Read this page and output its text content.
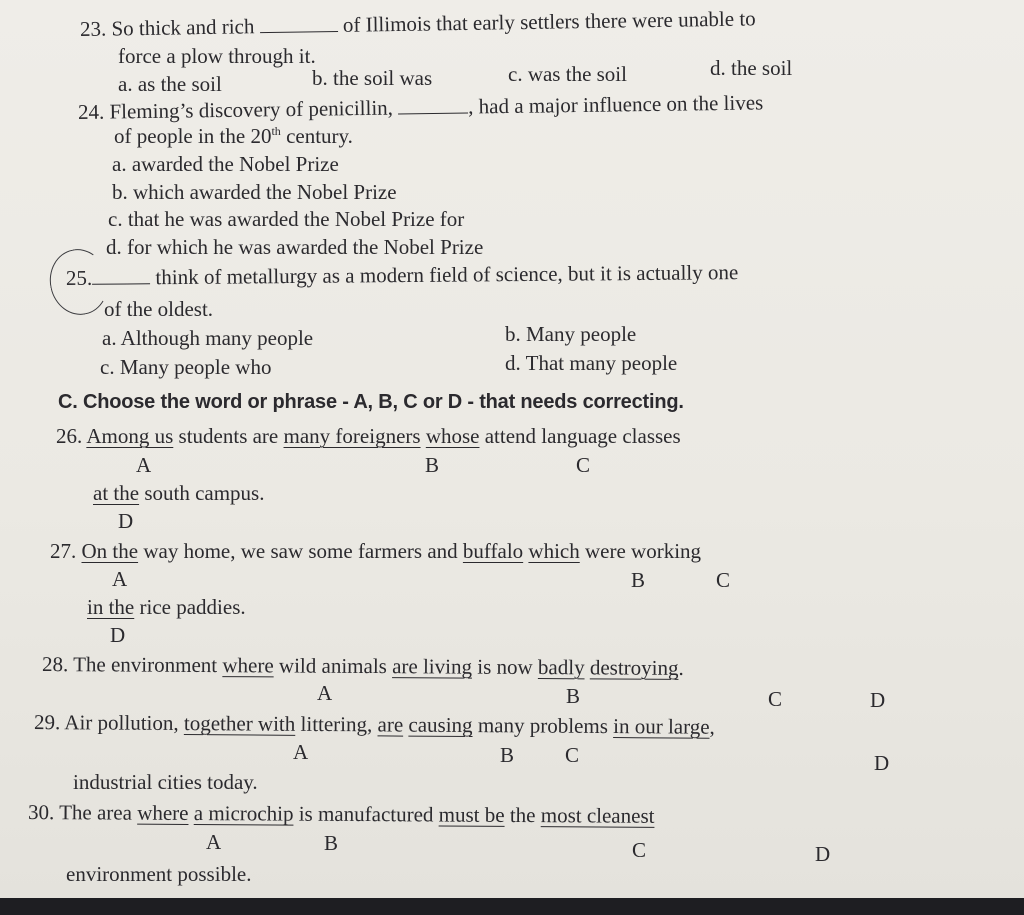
23. So thick and rich	of Illimois that early settlers there were unable to
force a plow through it.
a. as the soil	b. the soil was	c. was the soil	d. the soil
24. Fleming’s discovery of penicillin,	, had a major influence on the lives
of people in the 20th century.
a. awarded the Nobel Prize
b. which awarded the Nobel Prize
c. that he was awarded the Nobel Prize for
d. for which he was awarded the Nobel Prize
25.	think of metallurgy as a modern field of science, but it is actually one
of the oldest.
a. Although many people	b. Many people
c. Many people who	d. That many people
C. Choose the word or phrase - A, B, C or D - that needs correcting.
26. Among us students are many foreigners whose attend language classes
A	B	C
at the south campus.
D
27. On the way home, we saw some farmers and buffalo which were working
A	B	C
in the rice paddies.
D
28. The environment where wild animals are living is now badly destroying.
A	B	C	D
29. Air pollution, together with littering, are causing many problems in our large,
A	B C	D
industrial cities today.
30. The area where a microchip is manufactured must be the most cleanest
A	B	C	D
environment possible.
